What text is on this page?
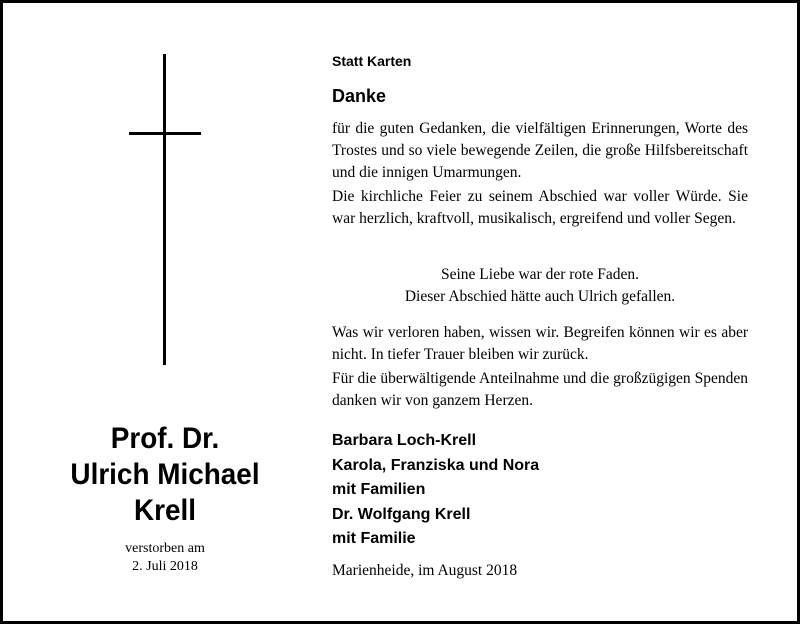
Prof. Dr.
Ulrich Michael
Krell
verstorben am
2. Juli 2018
Statt Karten
Danke
für die guten Gedanken, die vielfältigen Erinnerungen, Worte des Trostes und so viele bewegende Zeilen, die große Hilfsbereitschaft und die innigen Umarmungen.
Die kirchliche Feier zu seinem Abschied war voller Würde. Sie war herzlich, kraftvoll, musikalisch, ergreifend und voller Segen.
Seine Liebe war der rote Faden.
Dieser Abschied hätte auch Ulrich gefallen.
Was wir verloren haben, wissen wir. Begreifen können wir es aber nicht. In tiefer Trauer bleiben wir zurück.
Für die überwältigende Anteilnahme und die großzügigen Spenden danken wir von ganzem Herzen.
Barbara Loch-Krell
Karola, Franziska und Nora
mit Familien
Dr. Wolfgang Krell
mit Familie
Marienheide, im August 2018
